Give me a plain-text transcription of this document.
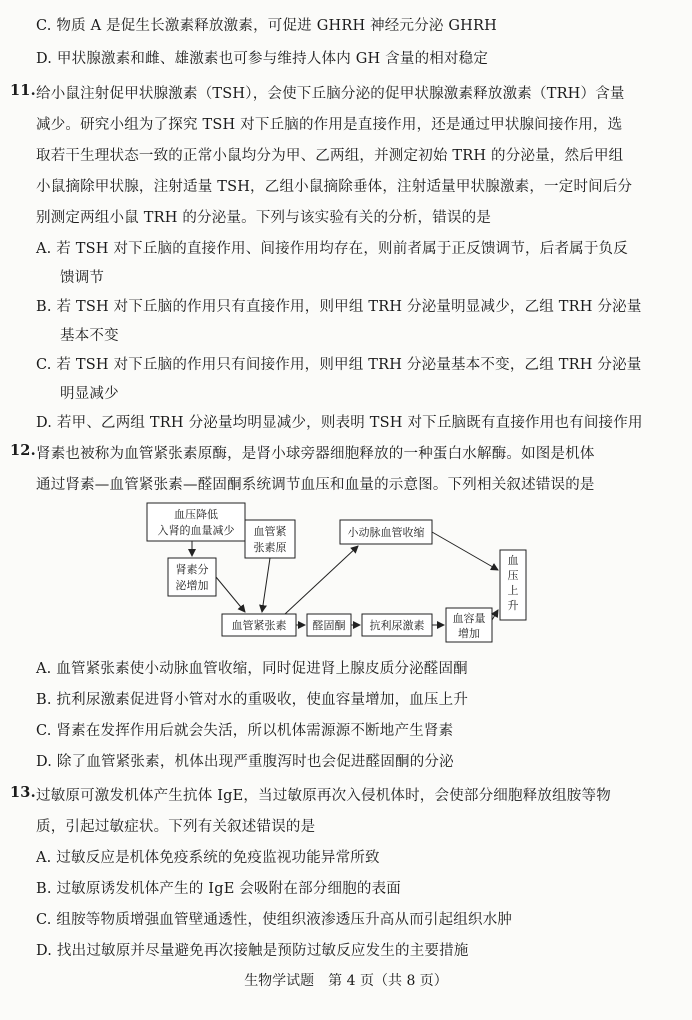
C. 物质 A 是促生长激素释放激素，可促进 GHRH 神经元分泌 GHRH
D. 甲状腺激素和雌、雄激素也可参与维持人体内 GH 含量的相对稳定
11. 给小鼠注射促甲状腺激素（TSH），会使下丘脑分泌的促甲状腺激素释放激素（TRH）含量
减少。研究小组为了探究 TSH 对下丘脑的作用是直接作用，还是通过甲状腺间接作用，选
取若干生理状态一致的正常小鼠均分为甲、乙两组，并测定初始 TRH 的分泌量，然后甲组
小鼠摘除甲状腺，注射适量 TSH，乙组小鼠摘除垂体，注射适量甲状腺激素，一定时间后分
别测定两组小鼠 TRH 的分泌量。下列与该实验有关的分析，错误的是
A. 若 TSH 对下丘脑的直接作用、间接作用均存在，则前者属于正反馈调节，后者属于负反
馈调节
B. 若 TSH 对下丘脑的作用只有直接作用，则甲组 TRH 分泌量明显减少，乙组 TRH 分泌量
基本不变
C. 若 TSH 对下丘脑的作用只有间接作用，则甲组 TRH 分泌量基本不变，乙组 TRH 分泌量
明显减少
D. 若甲、乙两组 TRH 分泌量均明显减少，则表明 TSH 对下丘脑既有直接作用也有间接作用
12. 肾素也被称为血管紧张素原酶，是肾小球旁器细胞释放的一种蛋白水解酶。如图是机体
通过肾素—血管紧张素—醛固酮系统调节血压和血量的示意图。下列相关叙述错误的是
血压降低
入肾的血量减少 血管紧
张素原
肾素分
泌增加
小动脉血管收缩
血
压
上
升
血管紧张素 醛固酮 抗利尿激素
血容量
增加
A. 血管紧张素使小动脉血管收缩，同时促进肾上腺皮质分泌醛固酮
B. 抗利尿激素促进肾小管对水的重吸收，使血容量增加，血压上升
C. 肾素在发挥作用后就会失活，所以机体需源源不断地产生肾素
D. 除了血管紧张素，机体出现严重腹泻时也会促进醛固酮的分泌
13. 过敏原可激发机体产生抗体 IgE，当过敏原再次入侵机体时，会使部分细胞释放组胺等物
质，引起过敏症状。下列有关叙述错误的是
A. 过敏反应是机体免疫系统的免疫监视功能异常所致
B. 过敏原诱发机体产生的 IgE 会吸附在部分细胞的表面
C. 组胺等物质增强血管壁通透性，使组织液渗透压升高从而引起组织水肿
D. 找出过敏原并尽量避免再次接触是预防过敏反应发生的主要措施
生物学试题　第 4 页（共 8 页）
